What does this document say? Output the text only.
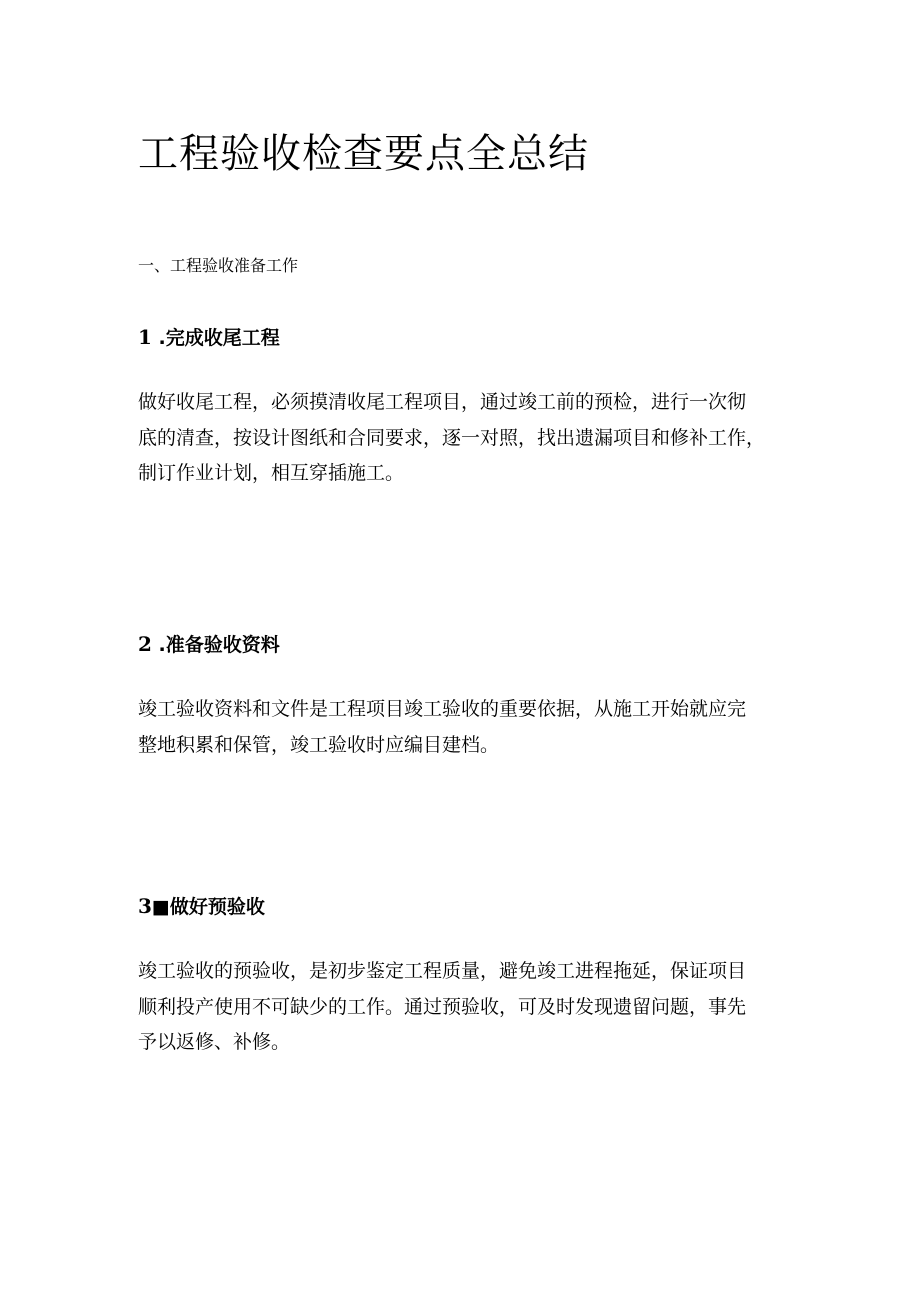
工程验收检查要点全总结
一、工程验收准备工作
1 .完成收尾工程

做好收尾工程，必须摸清收尾工程项目，通过竣工前的预检，进行一次彻
底的清查，按设计图纸和合同要求，逐一对照，找出遗漏项目和修补工作，
制订作业计划，相互穿插施工。

2 .准备验收资料

竣工验收资料和文件是工程项目竣工验收的重要依据，从施工开始就应完
整地积累和保管，竣工验收时应编目建档。

3■做好预验收

竣工验收的预验收，是初步鉴定工程质量，避免竣工进程拖延，保证项目
顺利投产使用不可缺少的工作。通过预验收，可及时发现遗留问题，事先
予以返修、补修。
